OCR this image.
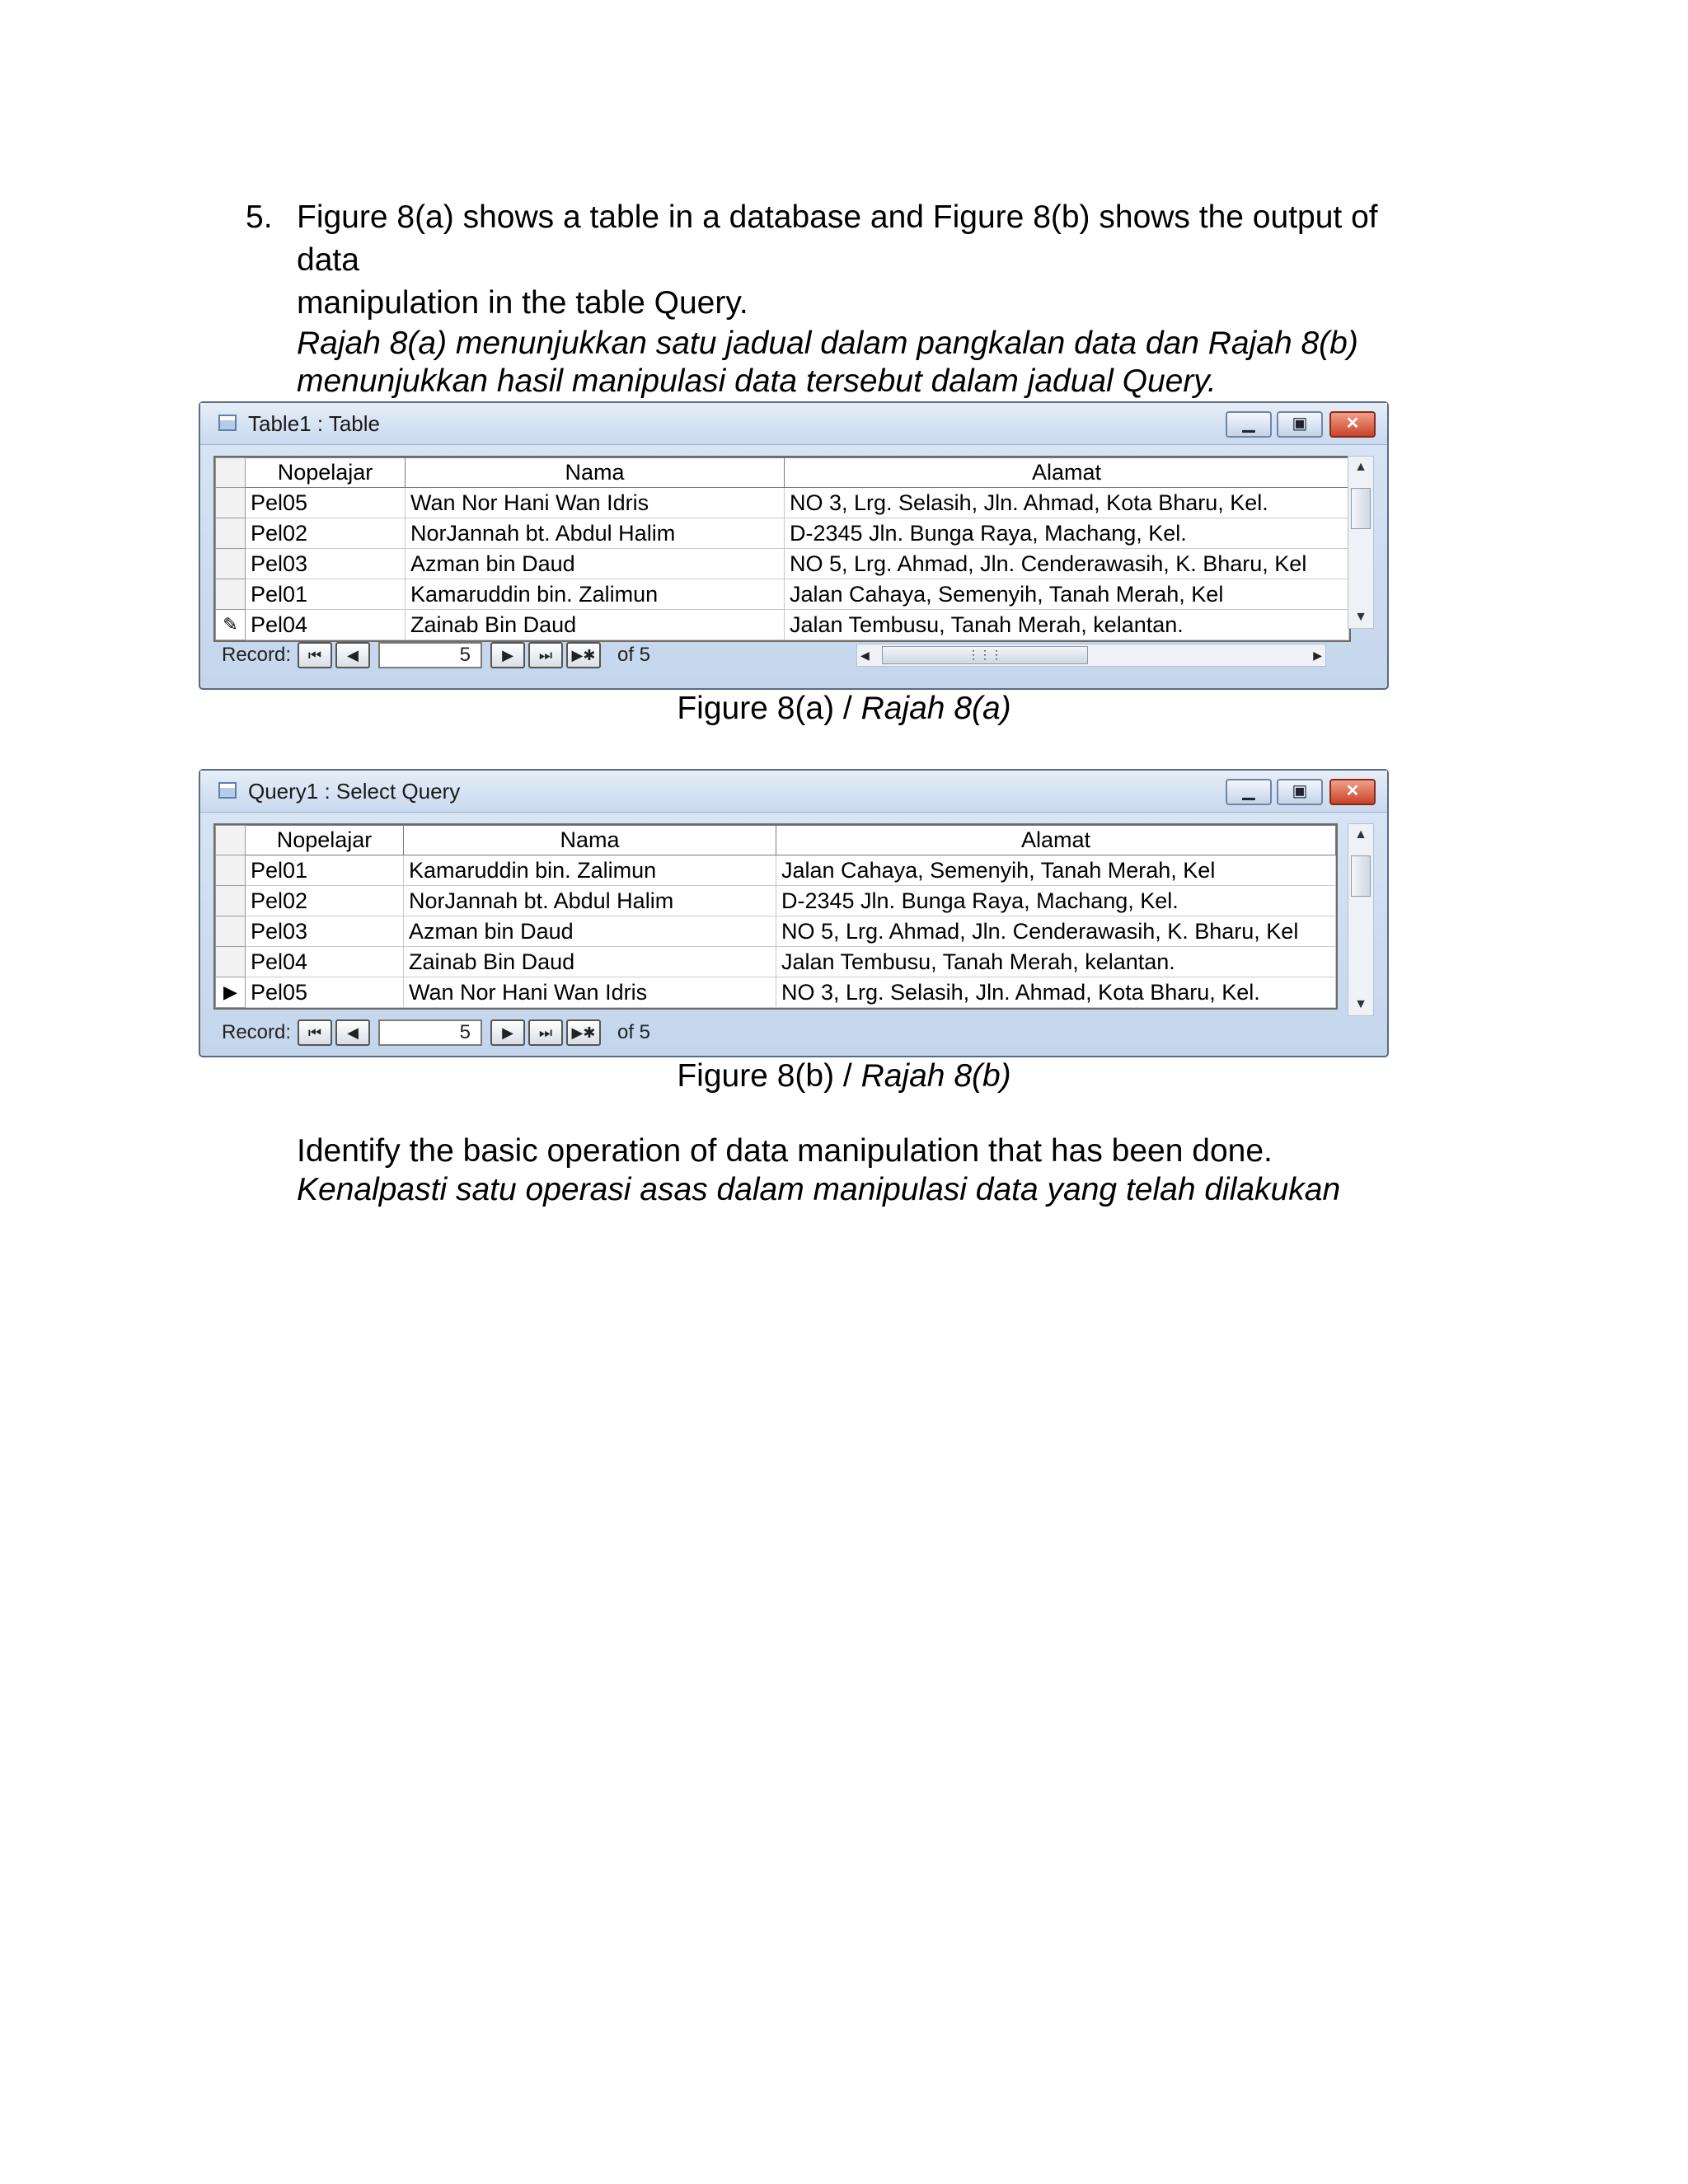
5. Figure 8(a) shows a table in a database and Figure 8(b) shows the output of

data

manipulation in the table Query.

Rajah 8(a) menunjukkan satu jadual dalam pangkalan data dan Rajah 8(b)

menunjukkan hasil manipulasi data tersebut dalam jadual Query.

Table1 : Table	▁	▣	✕
	Nopelajar	Nama	Alamat
	Pel05	Wan Nor Hani Wan Idris	NO 3, Lrg. Selasih, Jln. Ahmad, Kota Bharu, Kel.
	Pel02	NorJannah bt. Abdul Halim	D-2345 Jln. Bunga Raya, Machang, Kel.
	Pel03	Azman bin Daud	NO 5, Lrg. Ahmad, Jln. Cenderawasih, K. Bharu, Kel
	Pel01	Kamaruddin bin. Zalimun	Jalan Cahaya, Semenyih, Tanah Merah, Kel
✎	Pel04	Zainab Bin Daud	Jalan Tembusu, Tanah Merah, kelantan.
▲
▼
Record:	⏮	◀	5	▶	⏭	▶✱ of 5	◀	⋮⋮⋮	▶
Figure 8(a) / Rajah 8(a)
Query1 : Select Query	▁	▣	✕
	Nopelajar	Nama	Alamat
	Pel01	Kamaruddin bin. Zalimun	Jalan Cahaya, Semenyih, Tanah Merah, Kel
	Pel02	NorJannah bt. Abdul Halim	D-2345 Jln. Bunga Raya, Machang, Kel.
	Pel03	Azman bin Daud	NO 5, Lrg. Ahmad, Jln. Cenderawasih, K. Bharu, Kel
	Pel04	Zainab Bin Daud	Jalan Tembusu, Tanah Merah, kelantan.
▶	Pel05	Wan Nor Hani Wan Idris	NO 3, Lrg. Selasih, Jln. Ahmad, Kota Bharu, Kel.
▲
▼
Record:	⏮	◀	5	▶	⏭	▶✱ of 5
Figure 8(b) / Rajah 8(b)

Identify the basic operation of data manipulation that has been done.

Kenalpasti satu operasi asas dalam manipulasi data yang telah dilakukan
